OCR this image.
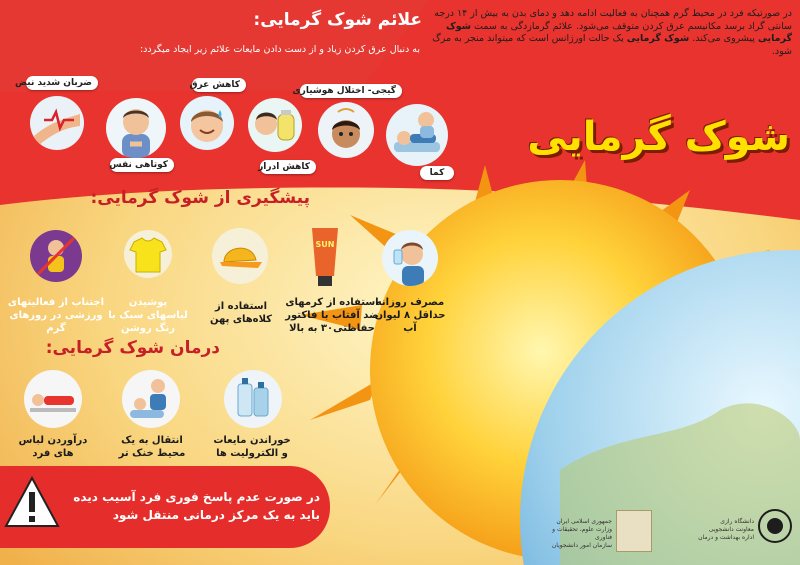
در صورتیکه فرد در محیط گرم همچنان به فعالیت ادامه دهد و دمای بدن به بیش از ۱۴ درجه سانتی گراد برسد مکانیسم عرق کردن متوقف می‌شود. علائم گرمازدگی به سمت شوک گرمایی پیشروی می‌کند. شوک گرمایی یک حالت اورژانس است که میتواند منجر به مرگ شود.
شوک گرمایی
علائم شوک گرمایی:
به دنبال عرق کردن زیاد و از دست دادن مایعات علائم زیر ایجاد میگردد:
ضربان شدید نبض
کوتاهی نفس
کاهش عرق
کاهش ادرار
گیجی- اختلال هوشیاری
کما
پیشگیری از شوک گرمایی:
اجتناب از فعالیتهای ورزشی در روزهای گرم
پوشیدن لباسهای سبک با رنگ روشن
استفاده از کلاه‌های پهن
SUN
استفاده از کرمهای ضد آفتاب با فاکتور حفاظتی۳۰ به بالا
مصرف روزانه حداقل ۸ لیوان آب
درمان شوک گرمایی:
درآوردن لباس های فرد
انتقال به یک محیط خنک تر
خوراندن مایعات و الکترولیت ها
در صورت عدم پاسخ فوری فرد آسیب دیده باید به یک مرکز درمانی منتقل شود	جمهوری اسلامی ایران
وزارت علوم، تحقیقات و فناوری
سازمان امور دانشجویان
دانشگاه رازی
معاونت دانشجویی
اداره بهداشت و درمان
